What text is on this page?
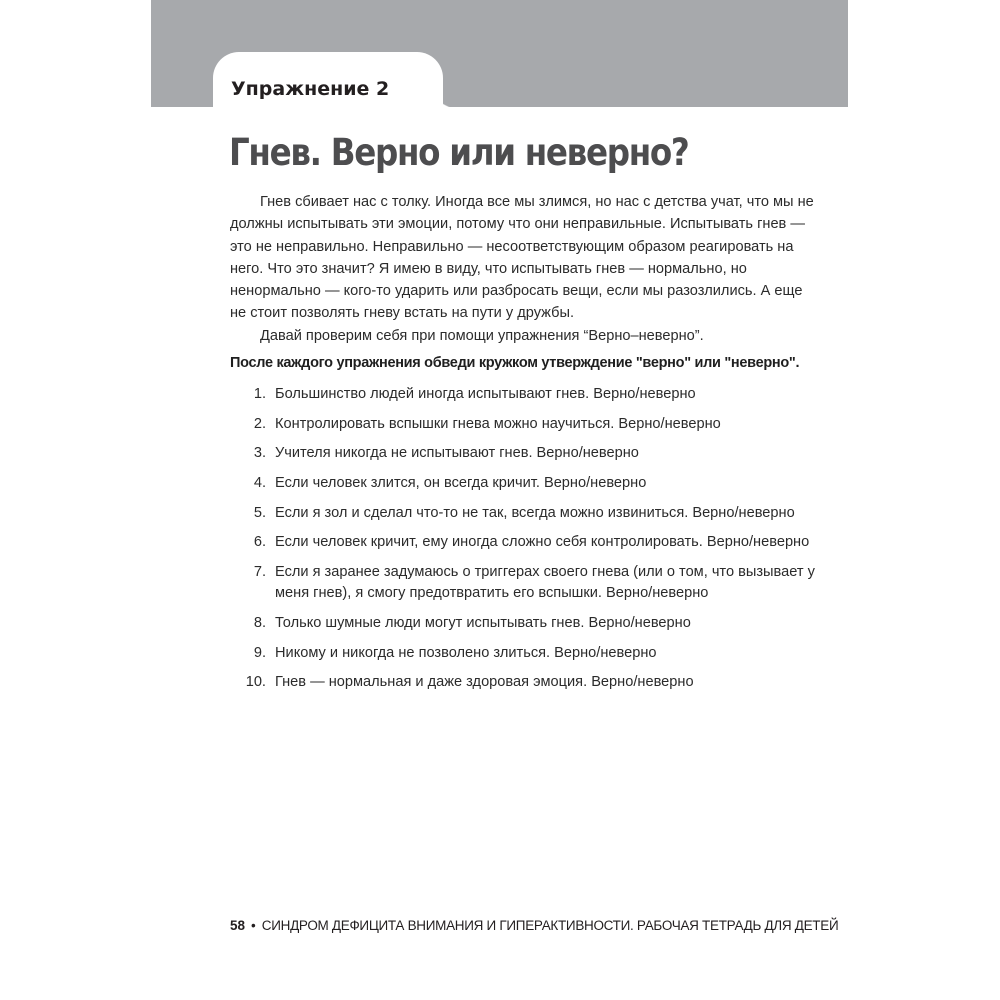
Упражнение 2
Гнев. Верно или неверно?

Гнев сбивает нас с толку. Иногда все мы злимся, но нас с детства учат, что мы не должны испытывать эти эмоции, потому что они неправильные. Испытывать гнев — это не неправильно. Неправильно — несоответствующим образом реагировать на него. Что это значит? Я имею в виду, что испытывать гнев — нормально, но ненормально — кого-то ударить или разбросать вещи, если мы разозлились. А еще не стоит позволять гневу встать на пути у дружбы.

Давай проверим себя при помощи упражнения “Верно–неверно”.

После каждого упражнения обведи кружком утверждение "верно" или "неверно".
1. Большинство людей иногда испытывают гнев. Верно/неверно
2. Контролировать вспышки гнева можно научиться. Верно/неверно
3. Учителя никогда не испытывают гнев. Верно/неверно
4. Если человек злится, он всегда кричит. Верно/неверно
5. Если я зол и сделал что-то не так, всегда можно извиниться. Верно/неверно
6. Если человек кричит, ему иногда сложно себя контролировать. Верно/неверно
7. Если я заранее задумаюсь о триггерах своего гнева (или о том, что вызывает у меня гнев), я смогу предотвратить его вспышки. Верно/неверно
8. Только шумные люди могут испытывать гнев. Верно/неверно
9. Никому и никогда не позволено злиться. Верно/неверно
10. Гнев — нормальная и даже здоровая эмоция. Верно/неверно
58 • СИНДРОМ ДЕФИЦИТА ВНИМАНИЯ И ГИПЕРАКТИВНОСТИ. РАБОЧАЯ ТЕТРАДЬ ДЛЯ ДЕТЕЙ
